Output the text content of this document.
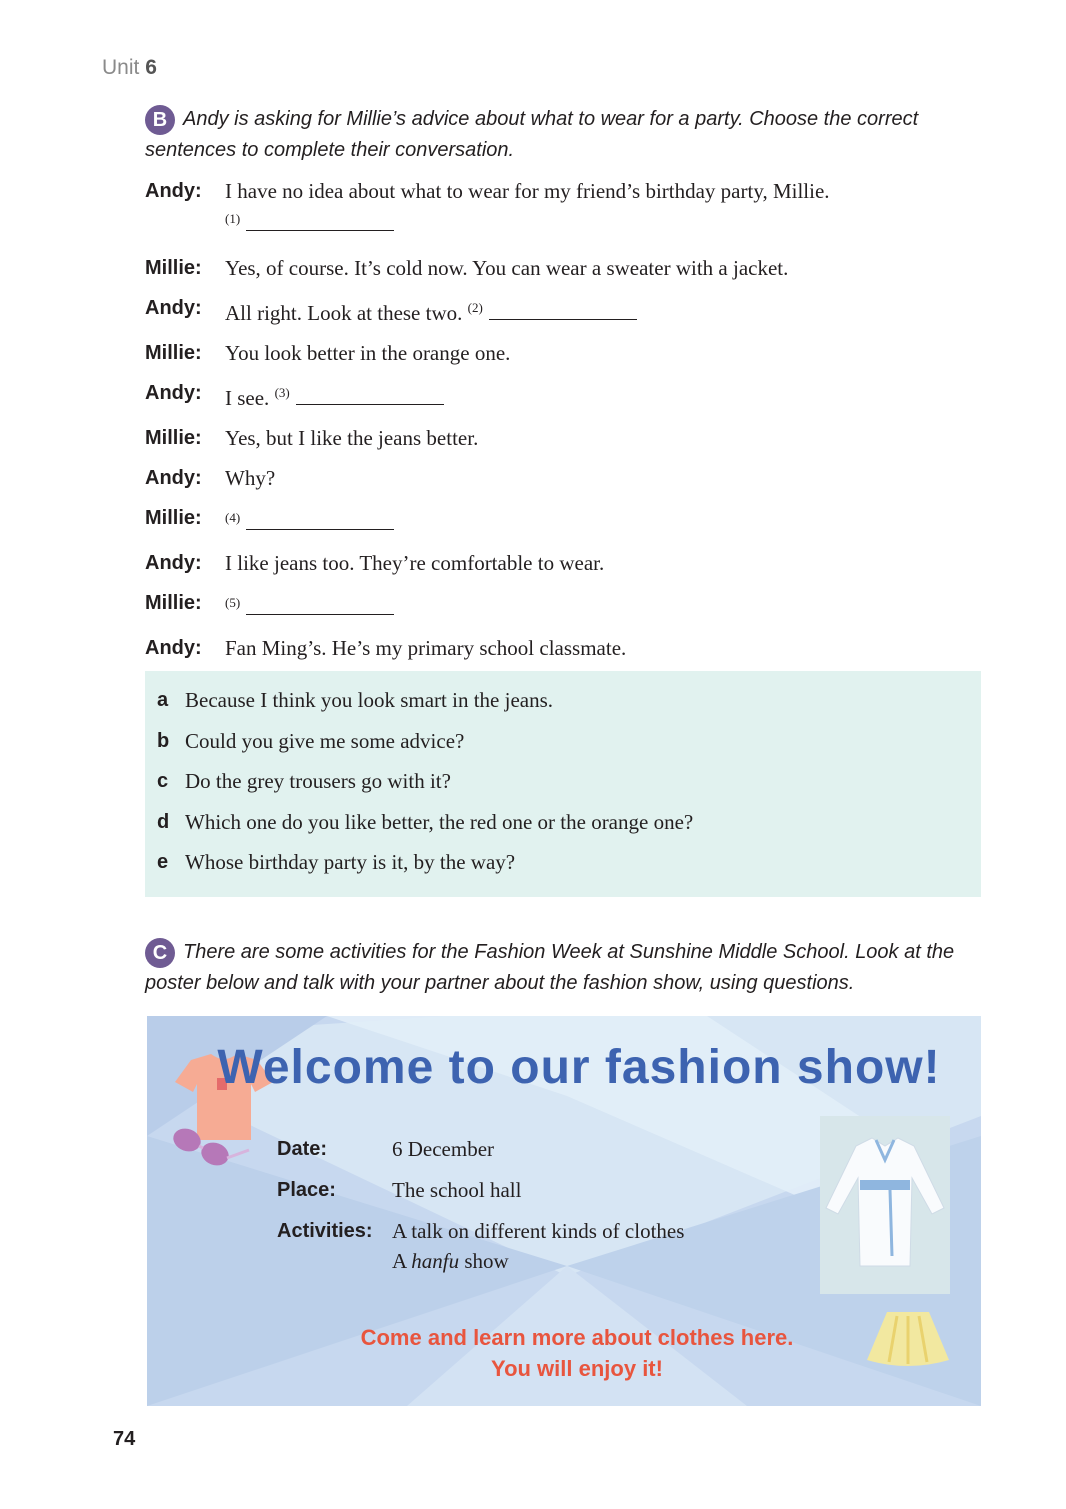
Unit 6
B Andy is asking for Millie’s advice about what to wear for a party. Choose the correct sentences to complete their conversation.
Andy:	I have no idea about what to wear for my friend’s birthday party, Millie.
$^{(1)}$
Millie:	Yes, of course. It’s cold now. You can wear a sweater with a jacket.
Andy:	All right. Look at these two. $^{(2)}$
Millie:	You look better in the orange one.
Andy:	I see. $^{(3)}$
Millie:	Yes, but I like the jeans better.
Andy:	Why?
Millie:	$^{(4)}$
Andy:	I like jeans too. They’re comfortable to wear.
Millie:	$^{(5)}$
Andy:	Fan Ming’s. He’s my primary school classmate.
a Because I think you look smart in the jeans.
b Could you give me some advice?
c Do the grey trousers go with it?
d Which one do you like better, the red one or the orange one?
e Whose birthday party is it, by the way?
C There are some activities for the Fashion Week at Sunshine Middle School. Look at the poster below and talk with your partner about the fashion show, using questions.
Welcome to our fashion show!
Date:	6 December
Place:	The school hall
Activities: A talk on different kinds of clothes
A hanfu show
Come and learn more about clothes here.
You will enjoy it!
74
